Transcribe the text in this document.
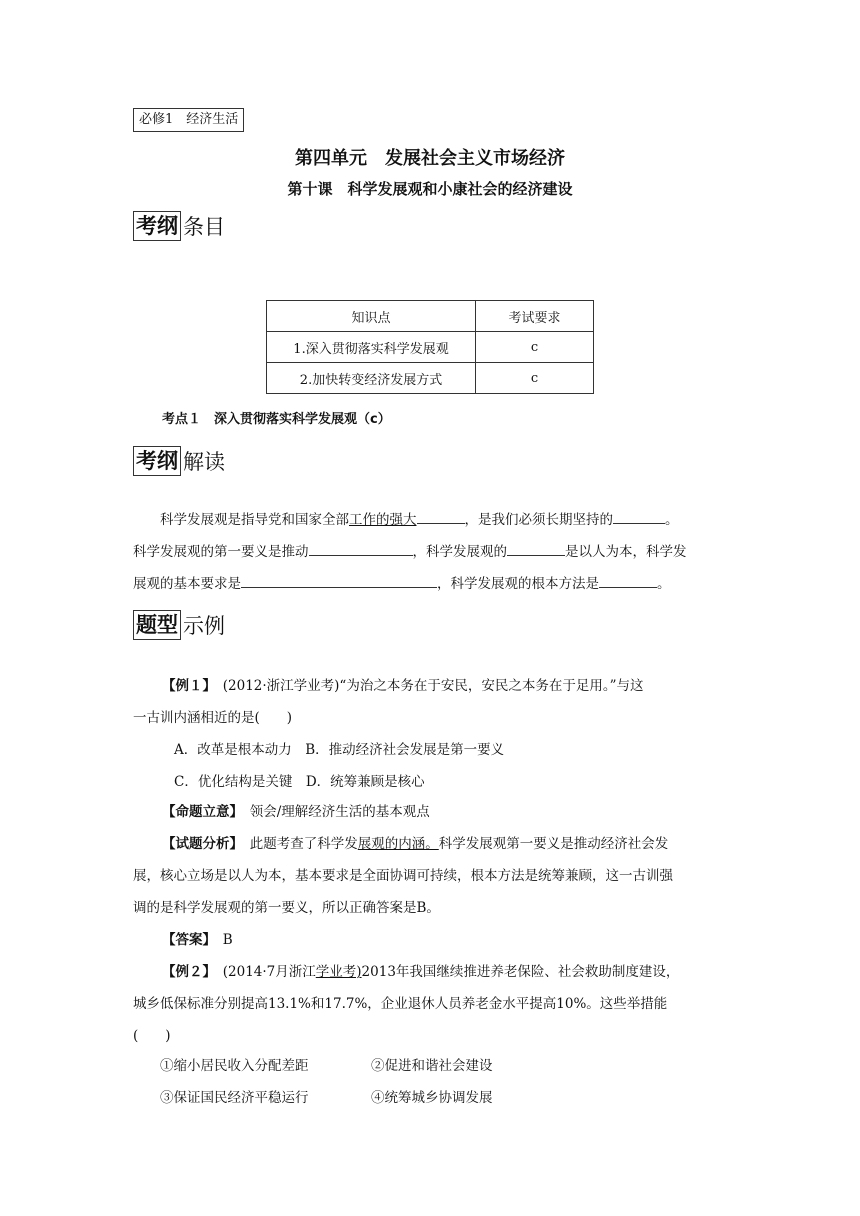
必修1　经济生活
第四单元　发展社会主义市场经济
第十课　科学发展观和小康社会的经济建设
考纲 条目
知识点	考试要求
1.深入贯彻落实科学发展观	c
2.加快转变经济发展方式	c
考点１　深入贯彻落实科学发展观（c）
考纲 解读
科学发展观是指导党和国家全部工作的强大	，是我们必须长期坚持的	。
科学发展观的第一要义是推动	，科学发展观的	是以人为本，科学发
展观的基本要求是	，科学发展观的根本方法是	。
题型 示例
【例１】　(2012·浙江学业考)“为治之本务在于安民，安民之本务在于足用。”与这
一古训内涵相近的是(　　)
A．改革是根本动力　B．推动经济社会发展是第一要义
C．优化结构是关键　D．统筹兼顾是核心
【命题立意】　领会/理解经济生活的基本观点
【试题分析】　此题考查了科学发展观的内涵。科学发展观第一要义是推动经济社会发
展，核心立场是以人为本，基本要求是全面协调可持续，根本方法是统筹兼顾，这一古训强
调的是科学发展观的第一要义，所以正确答案是B。
【答案】　B
【例２】　(2014·7月浙江学业考)2013年我国继续推进养老保险、社会救助制度建设，
城乡低保标准分别提高13.1%和17.7%，企业退休人员养老金水平提高10%。这些举措能
(　　)
①缩小居民收入分配差距	②促进和谐社会建设
③保证国民经济平稳运行	④统筹城乡协调发展
